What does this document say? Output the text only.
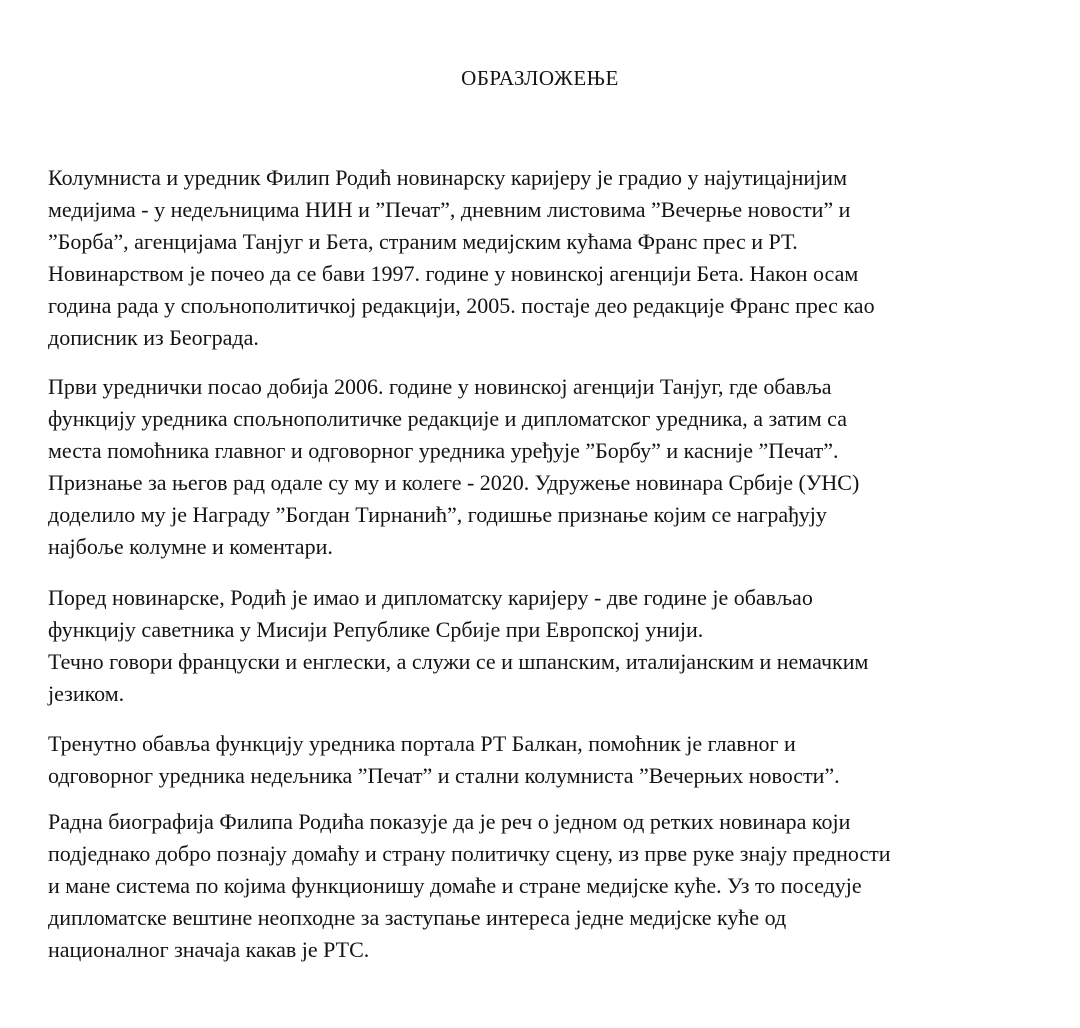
ОБРАЗЛОЖЕЊЕ

Колумниста и уредник Филип Родић новинарску каријеру је градио у најутицајнијим
медијима - у недељницима НИН и ”Печат”, дневним листовима ”Вечерње новости” и
”Борба”, агенцијама Танјуг и Бета, страним медијским кућама Франс прес и РТ.
Новинарством је почео да се бави 1997. године у новинској агенцији Бета. Након осам
година рада у спољнополитичкој редакцији, 2005. постаје део редакције Франс прес као
дописник из Београда.

Први уреднички посао добија 2006. године у новинској агенцији Танјуг, где обавља
функцију уредника спољнополитичке редакције и дипломатског уредника, а затим са
места помоћника главног и одговорног уредника уређује ”Борбу” и касније ”Печат”.
Признање за његов рад одале су му и колеге - 2020. Удружење новинара Србије (УНС)
доделило му је Награду ”Богдан Тирнанић”, годишње признање којим се награђују
најбоље колумне и коментари.

Поред новинарске, Родић је имао и дипломатску каријеру - две године је обављао
функцију саветника у Мисији Републике Србије при Европској унији.
Течно говори француски и енглески, а служи се и шпанским, италијанским и немачким
језиком.

Тренутно обавља функцију уредника портала РТ Балкан, помоћник је главног и
одговорног уредника недељника ”Печат” и стални колумниста ”Вечерњих новости”.

Радна биографија Филипа Родића показује да је реч о једном од ретких новинара који
подједнако добро познају домаћу и страну политичку сцену, из прве руке знају предности
и мане система по којима функционишу домаће и стране медијске куће. Уз то поседује
дипломатске вештине неопходне за заступање интереса једне медијске куће од
националног значаја какав је РТС.
